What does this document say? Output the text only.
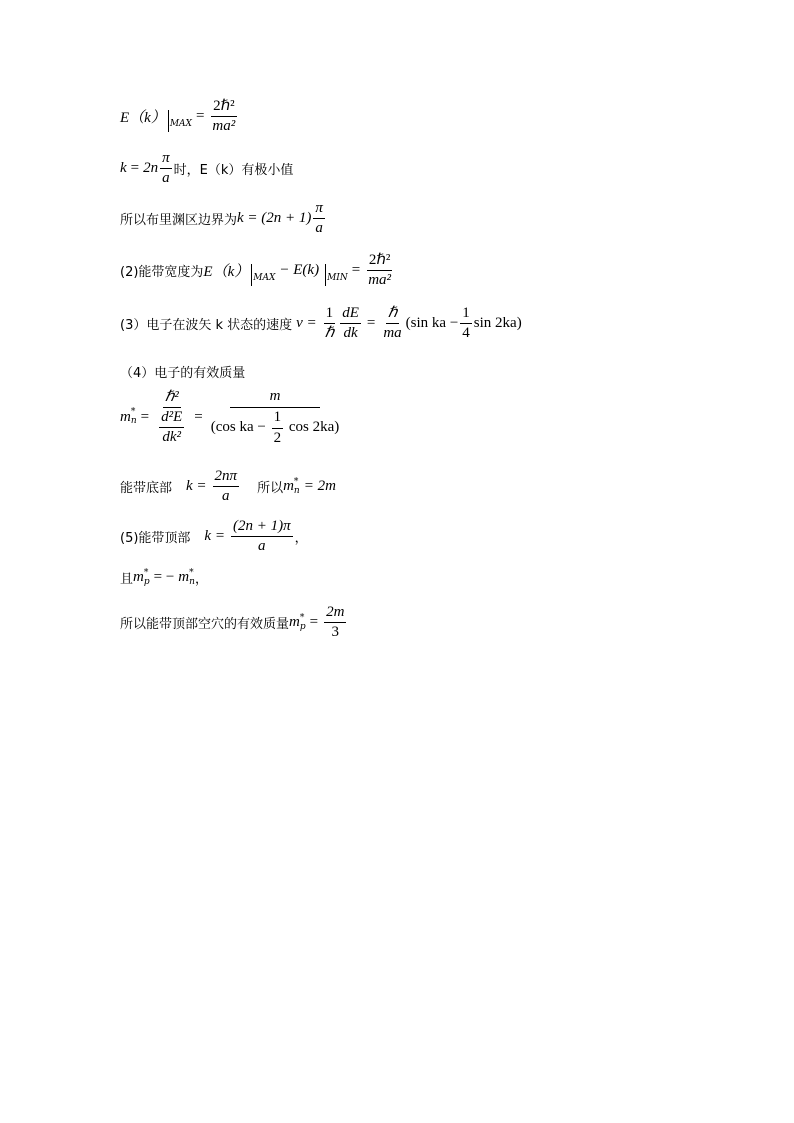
E（k） MAX = $\frac{\text{2ℏ²}}{\text{ma²}}$
$k = 2n \frac{\pi}{a}$ 时，E（k）有极小值
所以布里渊区边界为 $k = (2n + 1) \frac{\pi}{a}$
(2)能带宽度为 E（k） MAX − E(k) MIN = $\frac{\text{2ℏ²}}{\text{ma²}}$
(3）电子在波矢 k 状态的速度 $v = \frac{1}{\text{ℏ}} \frac{dE}{dk} = \frac{\text{ℏ}}{ma} (\sin$ ka − $\frac{1}{4}$ sin 2ka)
（4）电子的有效质量
m *
$n = \frac{\text{ℏ²}}{\frac{\text{d²E}}{\text{dk²}}} = \frac{m}{(\cos ka - \frac{1}{2} \cos 2ka)}$
能带底部 $k = \frac{2n\pi}{a}$ 所以 m *
n = 2m
(5)能带顶部 $k = \frac{(2n + 1)\pi}{a}$ ，
且 m *
p = − m *
n ，
所以能带顶部空穴的有效质量 m *
$p = \frac{2m}{3}$
